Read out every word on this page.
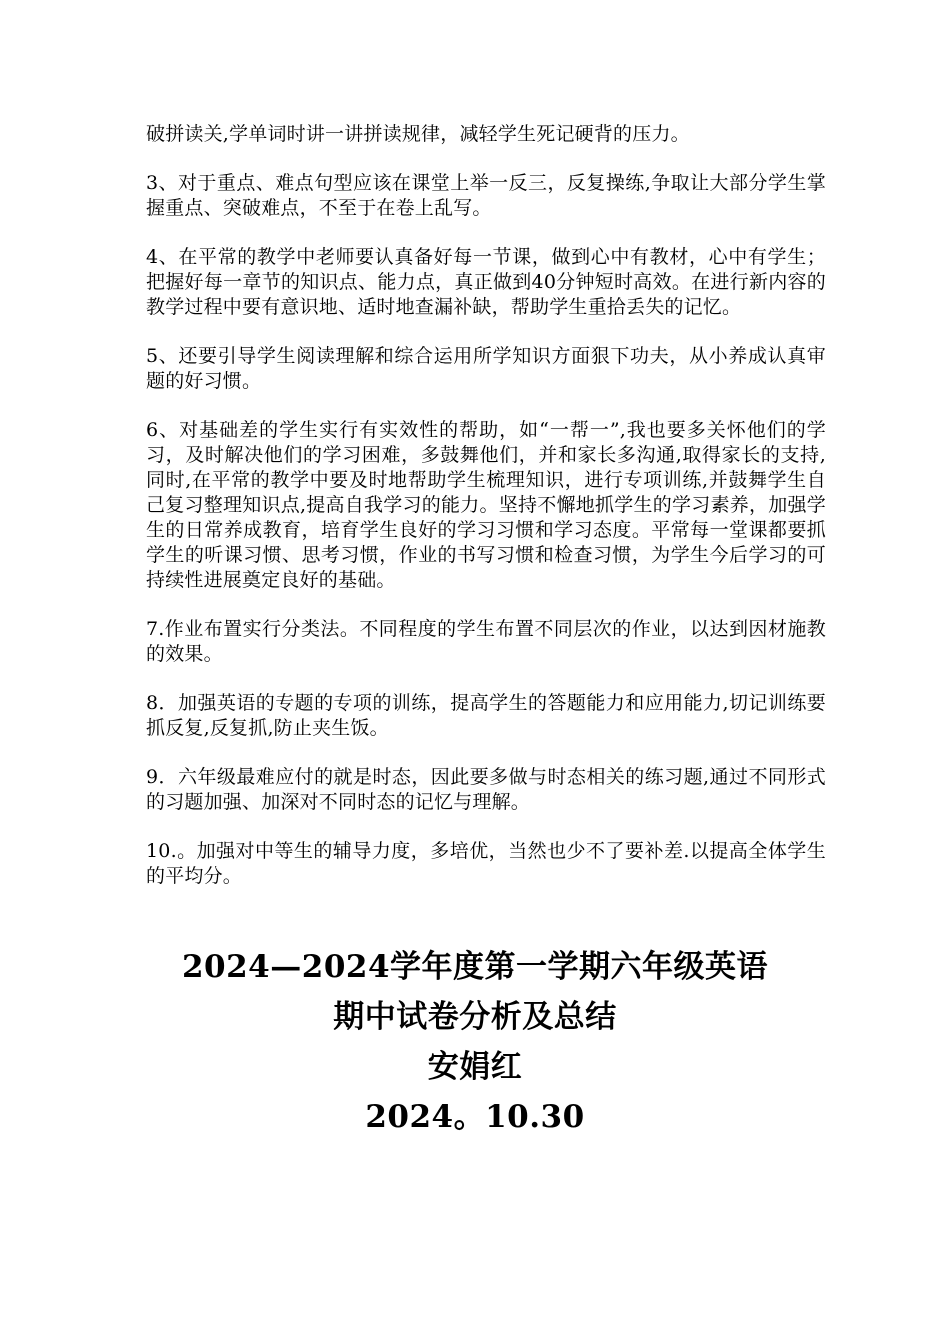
破拼读关,学单词时讲一讲拼读规律，减轻学生死记硬背的压力。

3、对于重点、难点句型应该在课堂上举一反三，反复操练,争取让大部分学生掌握重点、突破难点，不至于在卷上乱写。

4、在平常的教学中老师要认真备好每一节课，做到心中有教材，心中有学生；把握好每一章节的知识点、能力点，真正做到40分钟短时高效。在进行新内容的教学过程中要有意识地、适时地查漏补缺，帮助学生重拾丢失的记忆。

5、还要引导学生阅读理解和综合运用所学知识方面狠下功夫，从小养成认真审题的好习惯。

6、对基础差的学生实行有实效性的帮助，如“一帮一”,我也要多关怀他们的学习，及时解决他们的学习困难，多鼓舞他们，并和家长多沟通,取得家长的支持,同时,在平常的教学中要及时地帮助学生梳理知识，进行专项训练,并鼓舞学生自己复习整理知识点,提高自我学习的能力。坚持不懈地抓学生的学习素养，加强学生的日常养成教育，培育学生良好的学习习惯和学习态度。平常每一堂课都要抓学生的听课习惯、思考习惯，作业的书写习惯和检查习惯，为学生今后学习的可持续性进展奠定良好的基础。

7.作业布置实行分类法。不同程度的学生布置不同层次的作业，以达到因材施教的效果。

8．加强英语的专题的专项的训练，提高学生的答题能力和应用能力,切记训练要抓反复,反复抓,防止夹生饭。

9．六年级最难应付的就是时态，因此要多做与时态相关的练习题,通过不同形式的习题加强、加深对不同时态的记忆与理解。

10.。加强对中等生的辅导力度，多培优，当然也少不了要补差.以提高全体学生的平均分。

2024—2024学年度第一学期六年级英语

期中试卷分析及总结

安娟红

2024。10.30
